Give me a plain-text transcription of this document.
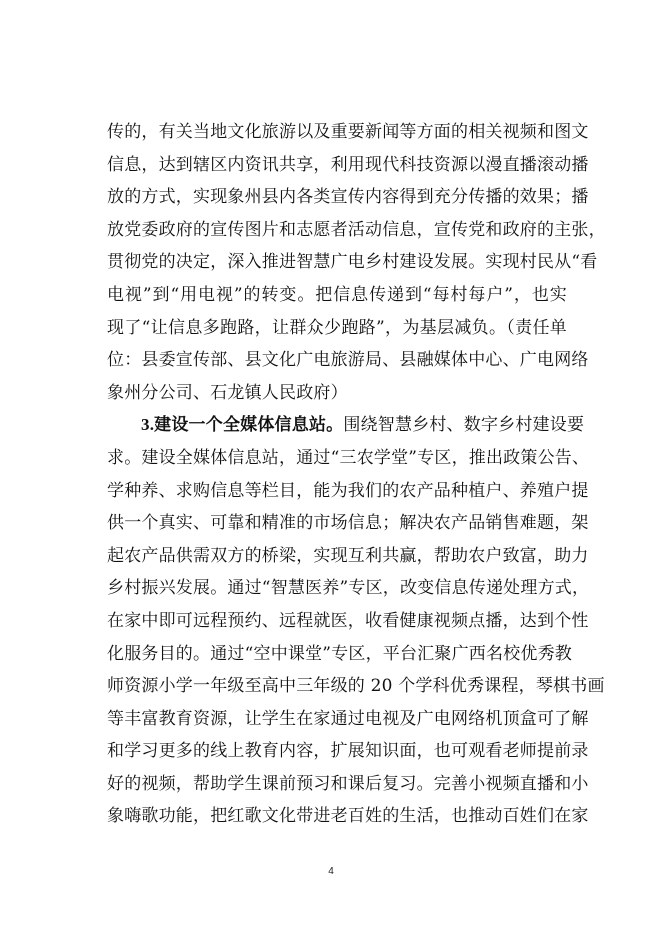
传的，有关当地文化旅游以及重要新闻等方面的相关视频和图文
信息，达到辖区内资讯共享，利用现代科技资源以漫直播滚动播
放的方式，实现象州县内各类宣传内容得到充分传播的效果；播
放党委政府的宣传图片和志愿者活动信息，宣传党和政府的主张，
贯彻党的决定，深入推进智慧广电乡村建设发展。实现村民从“看
电视”到“用电视”的转变。把信息传递到“每村每户”，也实
现了“让信息多跑路，让群众少跑路”，为基层减负。（责任单
位：县委宣传部、县文化广电旅游局、县融媒体中心、广电网络
象州分公司、石龙镇人民政府）
3.建设一个全媒体信息站。围绕智慧乡村、数字乡村建设要
求。建设全媒体信息站，通过“三农学堂”专区，推出政策公告、
学种养、求购信息等栏目，能为我们的农产品种植户、养殖户提
供一个真实、可靠和精准的市场信息；解决农产品销售难题，架
起农产品供需双方的桥梁，实现互利共赢，帮助农户致富，助力
乡村振兴发展。通过“智慧医养”专区，改变信息传递处理方式，
在家中即可远程预约、远程就医，收看健康视频点播，达到个性
化服务目的。通过“空中课堂”专区，平台汇聚广西名校优秀教
师资源小学一年级至高中三年级的 20 个学科优秀课程，琴棋书画
等丰富教育资源，让学生在家通过电视及广电网络机顶盒可了解
和学习更多的线上教育内容，扩展知识面，也可观看老师提前录
好的视频，帮助学生课前预习和课后复习。完善小视频直播和小
象嗨歌功能，把红歌文化带进老百姓的生活，也推动百姓们在家
4
